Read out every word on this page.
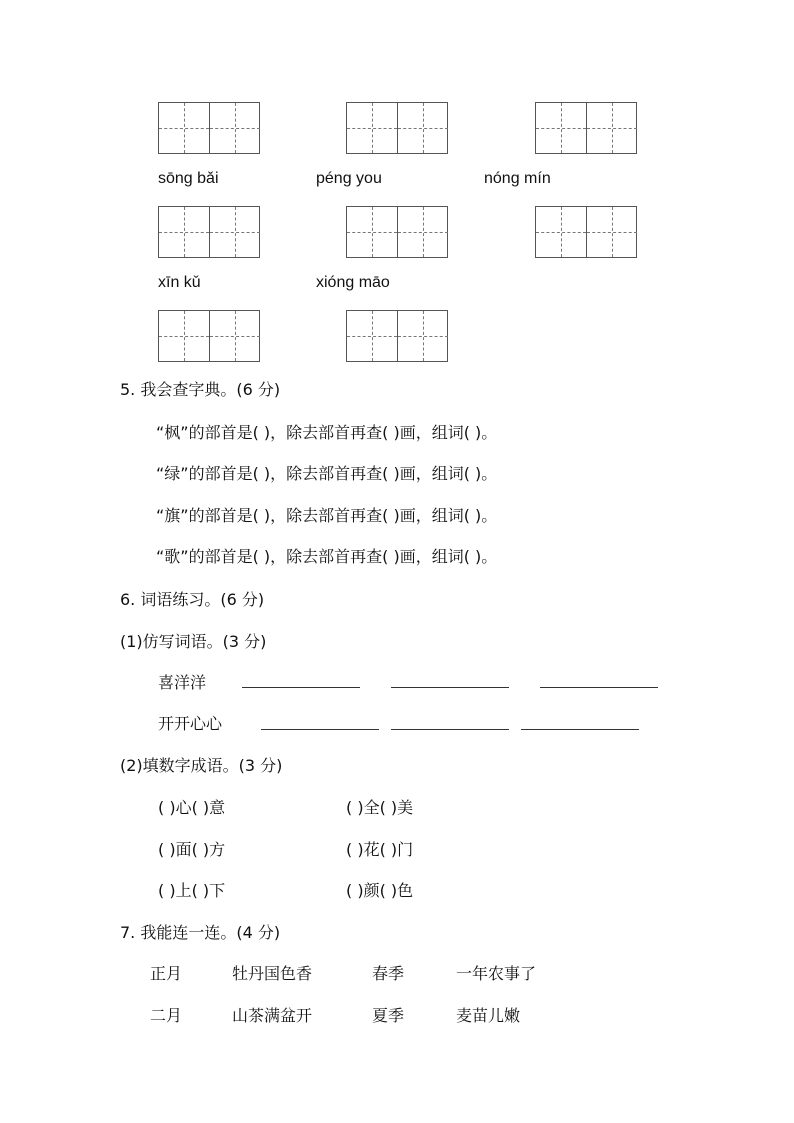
sōng bǎi	péng you	nóng mín
xīn kǔ	xióng māo
5. 我会查字典。(6 分)
“枫”的部首是( )，除去部首再查( )画，组词( )。
“绿”的部首是( )，除去部首再查( )画，组词( )。
“旗”的部首是( )，除去部首再查( )画，组词( )。
“歌”的部首是( )，除去部首再查( )画，组词( )。
6. 词语练习。(6 分)
(1)仿写词语。(3 分)
喜洋洋
开开心心
(2)填数字成语。(3 分)
( )心( )意	( )全( )美
( )面( )方	( )花( )门
( )上( )下	( )颜( )色
7. 我能连一连。(4 分)
正月	牡丹国色香	春季	一年农事了
二月	山茶满盆开	夏季	麦苗儿嫩
